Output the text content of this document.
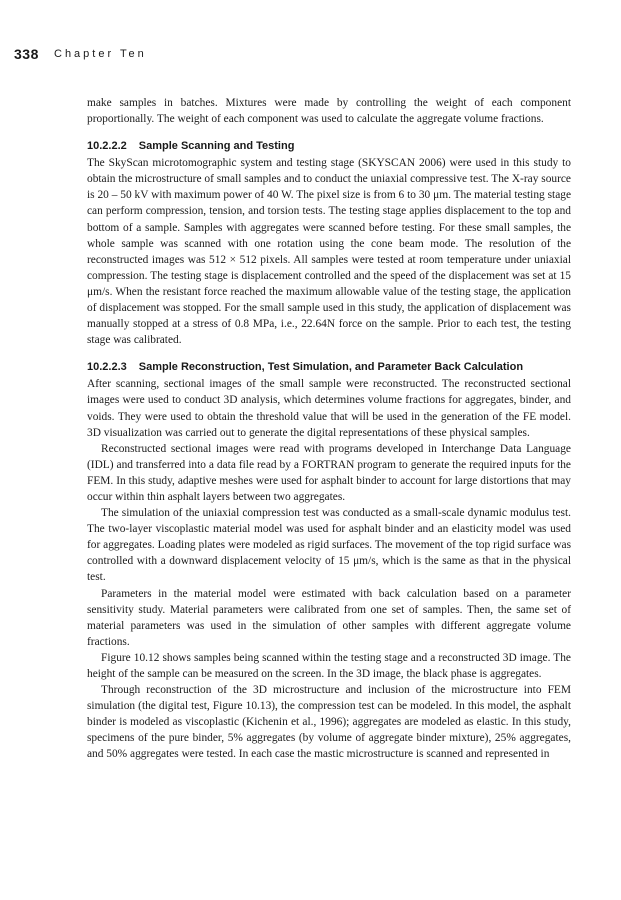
338 Chapter Ten

make samples in batches. Mixtures were made by controlling the weight of each component proportionally. The weight of each component was used to calculate the aggregate volume fractions.

10.2.2.2 Sample Scanning and Testing

The SkyScan microtomographic system and testing stage (SKYSCAN 2006) were used in this study to obtain the microstructure of small samples and to conduct the uniaxial compressive test. The X-ray source is 20 – 50 kV with maximum power of 40 W. The pixel size is from 6 to 30 μm. The material testing stage can perform compression, tension, and torsion tests. The testing stage applies displacement to the top and bottom of a sample. Samples with aggregates were scanned before testing. For these small samples, the whole sample was scanned with one rotation using the cone beam mode. The resolution of the reconstructed images was 512 × 512 pixels. All samples were tested at room temperature under uniaxial compression. The testing stage is displacement controlled and the speed of the displacement was set at 15 μm/s. When the resistant force reached the maximum allowable value of the testing stage, the application of displacement was stopped. For the small sample used in this study, the application of displacement was manually stopped at a stress of 0.8 MPa, i.e., 22.64N force on the sample. Prior to each test, the testing stage was calibrated.

10.2.2.3 Sample Reconstruction, Test Simulation, and Parameter Back Calculation

After scanning, sectional images of the small sample were reconstructed. The reconstructed sectional images were used to conduct 3D analysis, which determines volume fractions for aggregates, binder, and voids. They were used to obtain the threshold value that will be used in the generation of the FE model. 3D visualization was carried out to generate the digital representations of these physical samples.

Reconstructed sectional images were read with programs developed in Interchange Data Language (IDL) and transferred into a data file read by a FORTRAN program to generate the required inputs for the FEM. In this study, adaptive meshes were used for asphalt binder to account for large distortions that may occur within thin asphalt layers between two aggregates.

The simulation of the uniaxial compression test was conducted as a small-scale dynamic modulus test. The two-layer viscoplastic material model was used for asphalt binder and an elasticity model was used for aggregates. Loading plates were modeled as rigid surfaces. The movement of the top rigid surface was controlled with a downward displacement velocity of 15 μm/s, which is the same as that in the physical test.

Parameters in the material model were estimated with back calculation based on a parameter sensitivity study. Material parameters were calibrated from one set of samples. Then, the same set of material parameters was used in the simulation of other samples with different aggregate volume fractions.

Figure 10.12 shows samples being scanned within the testing stage and a reconstructed 3D image. The height of the sample can be measured on the screen. In the 3D image, the black phase is aggregates.

Through reconstruction of the 3D microstructure and inclusion of the microstructure into FEM simulation (the digital test, Figure 10.13), the compression test can be modeled. In this model, the asphalt binder is modeled as viscoplastic (Kichenin et al., 1996); aggregates are modeled as elastic. In this study, specimens of the pure binder, 5% aggregates (by volume of aggregate binder mixture), 25% aggregates, and 50% aggregates were tested. In each case the mastic microstructure is scanned and represented in
